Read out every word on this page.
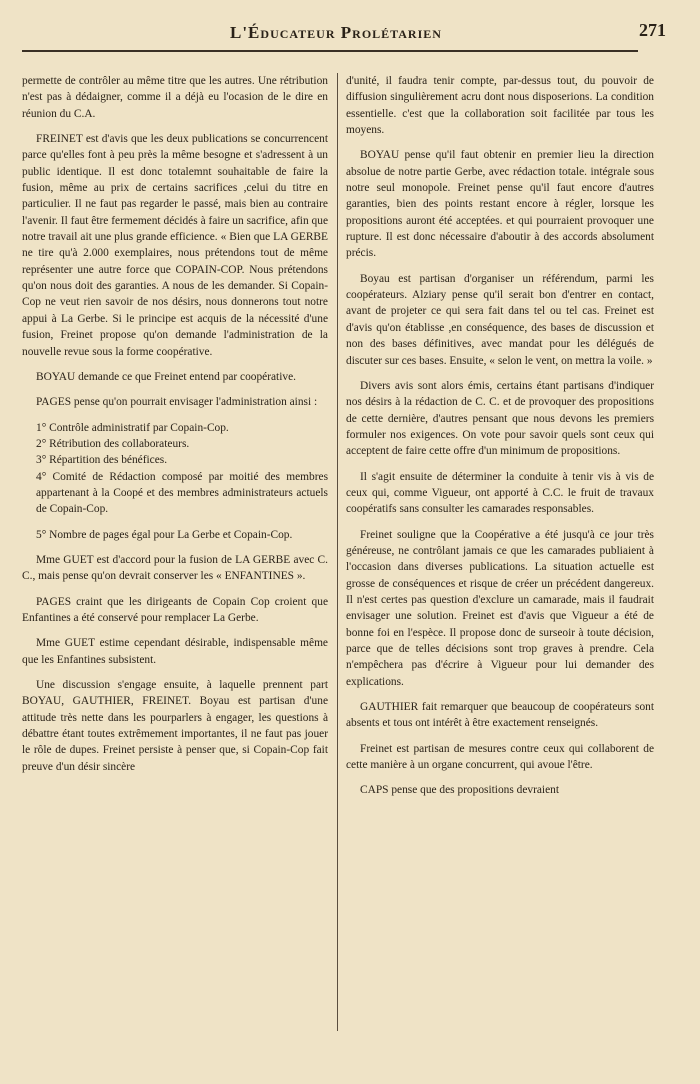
L'Éducateur Prolétarien	271

permette de contrôler au même titre que les autres. Une rétribution n'est pas à dédaigner, comme il a déjà eu l'ocasion de le dire en réunion du C.A.

FREINET est d'avis que les deux publications se concurrencent parce qu'elles font à peu près la même besogne et s'adressent à un public identique. Il est donc totalemnt souhaitable de faire la fusion, même au prix de certains sacrifices ,celui du titre en particulier. Il ne faut pas regarder le passé, mais bien au contraire l'avenir. Il faut être fermement décidés à faire un sacrifice, afin que notre travail ait une plus grande efficience. « Bien que LA GERBE ne tire qu'à 2.000 exemplaires, nous prétendons tout de même représenter une autre force que COPAIN-COP. Nous prétendons qu'on nous doit des garanties. A nous de les demander. Si Copain-Cop ne veut rien savoir de nos désirs, nous donnerons tout notre appui à La Gerbe. Si le principe est acquis de la nécessité d'une fusion, Freinet propose qu'on demande l'administration de la nouvelle revue sous la forme coopérative.

BOYAU demande ce que Freinet entend par coopérative.

PAGES pense qu'on pourrait envisager l'administration ainsi :

1° Contrôle administratif par Copain-Cop.

2° Rétribution des collaborateurs.

3° Répartition des bénéfices.

4° Comité de Rédaction composé par moitié des membres appartenant à la Coopé et des membres administrateurs actuels de Copain-Cop.

5° Nombre de pages égal pour La Gerbe et Copain-Cop.

Mme GUET est d'accord pour la fusion de LA GERBE avec C. C., mais pense qu'on devrait conserver les « ENFANTINES ».

PAGES craint que les dirigeants de Copain Cop croient que Enfantines a été conservé pour remplacer La Gerbe.

Mme GUET estime cependant désirable, indispensable même que les Enfantines subsistent.

Une discussion s'engage ensuite, à laquelle prennent part BOYAU, GAUTHIER, FREINET. Boyau est partisan d'une attitude très nette dans les pourparlers à engager, les questions à débattre étant toutes extrêmement importantes, il ne faut pas jouer le rôle de dupes. Freinet persiste à penser que, si Copain-Cop fait preuve d'un désir sincère

d'unité, il faudra tenir compte, par-dessus tout, du pouvoir de diffusion singulièrement acru dont nous disposerions. La condition essentielle. c'est que la collaboration soit facilitée par tous les moyens.

BOYAU pense qu'il faut obtenir en premier lieu la direction absolue de notre partie Gerbe, avec rédaction totale. intégrale sous notre seul monopole. Freinet pense qu'il faut encore d'autres garanties, bien des points restant encore à régler, lorsque les propositions auront été acceptées. et qui pourraient provoquer une rupture. Il est donc nécessaire d'aboutir à des accords absolument précis.

Boyau est partisan d'organiser un référendum, parmi les coopérateurs. Alziary pense qu'il serait bon d'entrer en contact, avant de projeter ce qui sera fait dans tel ou tel cas. Freinet est d'avis qu'on établisse ,en conséquence, des bases de discussion et non des bases définitives, avec mandat pour les délégués de discuter sur ces bases. Ensuite, « selon le vent, on mettra la voile. »

Divers avis sont alors émis, certains étant partisans d'indiquer nos désirs à la rédaction de C. C. et de provoquer des propositions de cette dernière, d'autres pensant que nous devons les premiers formuler nos exigences. On vote pour savoir quels sont ceux qui acceptent de faire cette offre d'un minimum de propositions.

Il s'agit ensuite de déterminer la conduite à tenir vis à vis de ceux qui, comme Vigueur, ont apporté à C.C. le fruit de travaux coopératifs sans consulter les camarades responsables.

Freinet souligne que la Coopérative a été jusqu'à ce jour très généreuse, ne contrôlant jamais ce que les camarades publiaient à l'occasion dans diverses publications. La situation actuelle est grosse de conséquences et risque de créer un précédent dangereux. Il n'est certes pas question d'exclure un camarade, mais il faudrait envisager une solution. Freinet est d'avis que Vigueur a été de bonne foi en l'espèce. Il propose donc de surseoir à toute décision, parce que de telles décisions sont trop graves à prendre. Cela n'empêchera pas d'écrire à Vigueur pour lui demander des explications.

GAUTHIER fait remarquer que beaucoup de coopérateurs sont absents et tous ont intérêt à être exactement renseignés.

Freinet est partisan de mesures contre ceux qui collaborent de cette manière à un organe concurrent, qui avoue l'être.

CAPS pense que des propositions devraient
